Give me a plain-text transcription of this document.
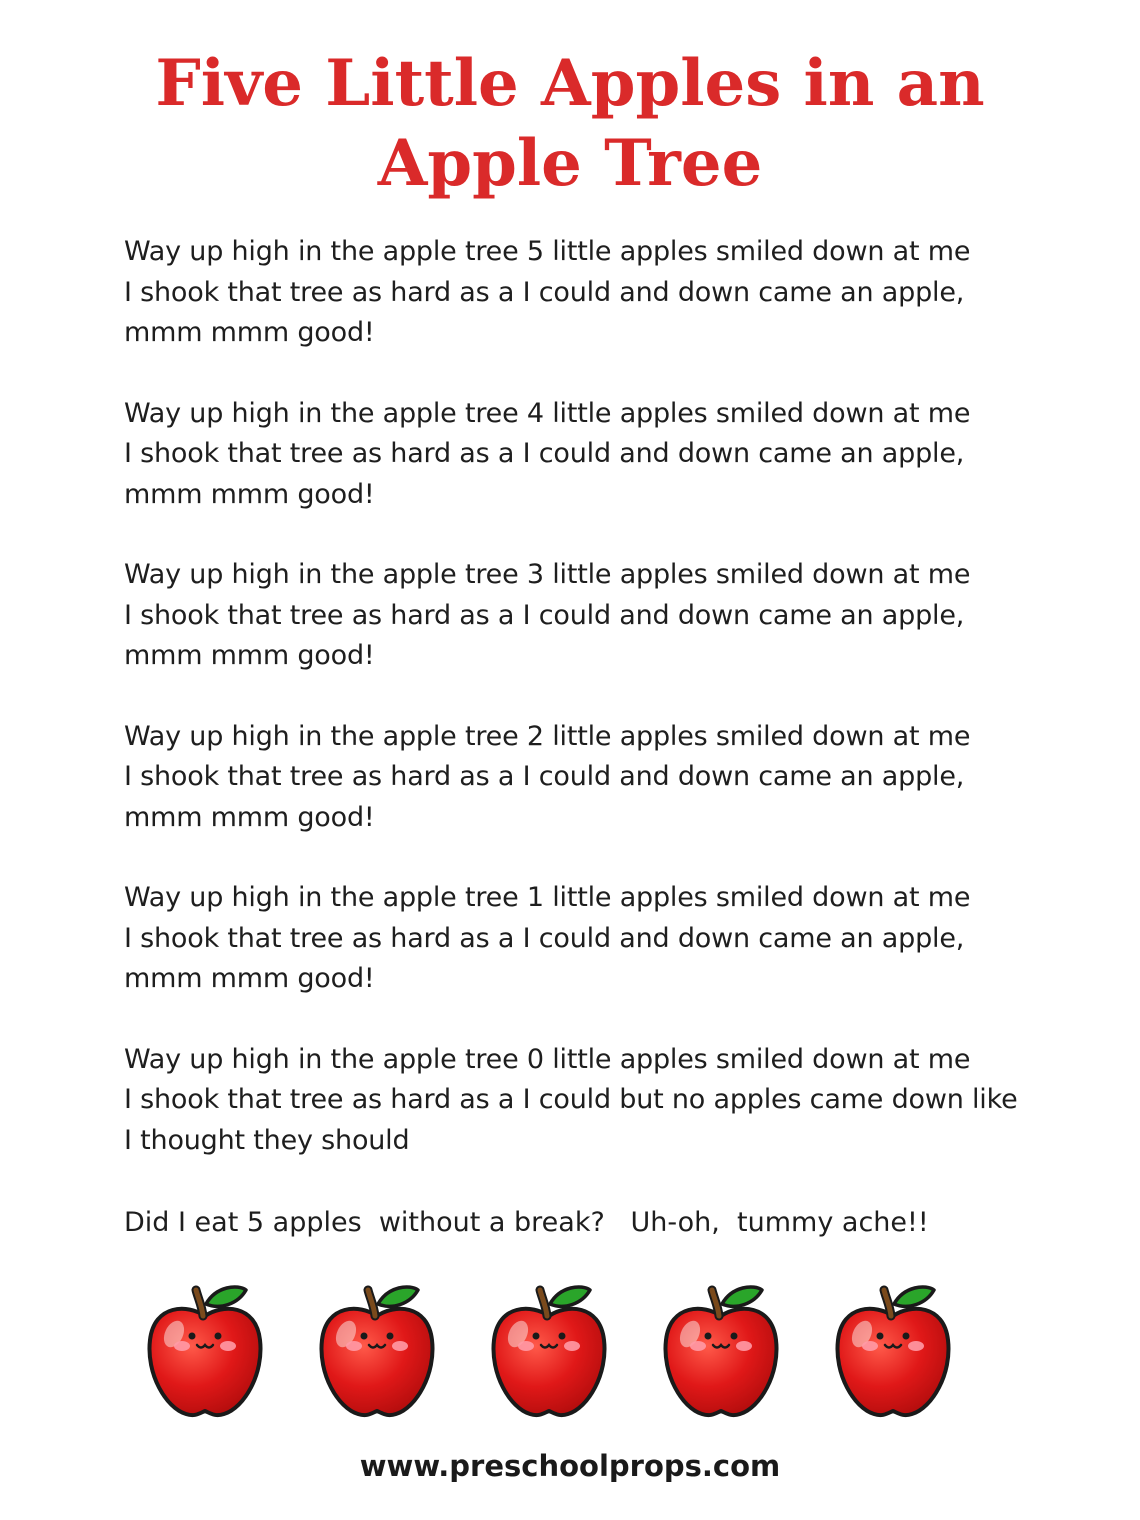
Five Little Apples in an
Apple Tree
Way up high in the apple tree 5 little apples smiled down at me
I shook that tree as hard as a I could and down came an apple,
mmm mmm good!
Way up high in the apple tree 4 little apples smiled down at me
I shook that tree as hard as a I could and down came an apple,
mmm mmm good!
Way up high in the apple tree 3 little apples smiled down at me
I shook that tree as hard as a I could and down came an apple,
mmm mmm good!
Way up high in the apple tree 2 little apples smiled down at me
I shook that tree as hard as a I could and down came an apple,
mmm mmm good!
Way up high in the apple tree 1 little apples smiled down at me
I shook that tree as hard as a I could and down came an apple,
mmm mmm good!
Way up high in the apple tree 0 little apples smiled down at me
I shook that tree as hard as a I could but no apples came down like
I thought they should
Did I eat 5 apples  without a break?   Uh-oh,  tummy ache!!
www.preschoolprops.com
